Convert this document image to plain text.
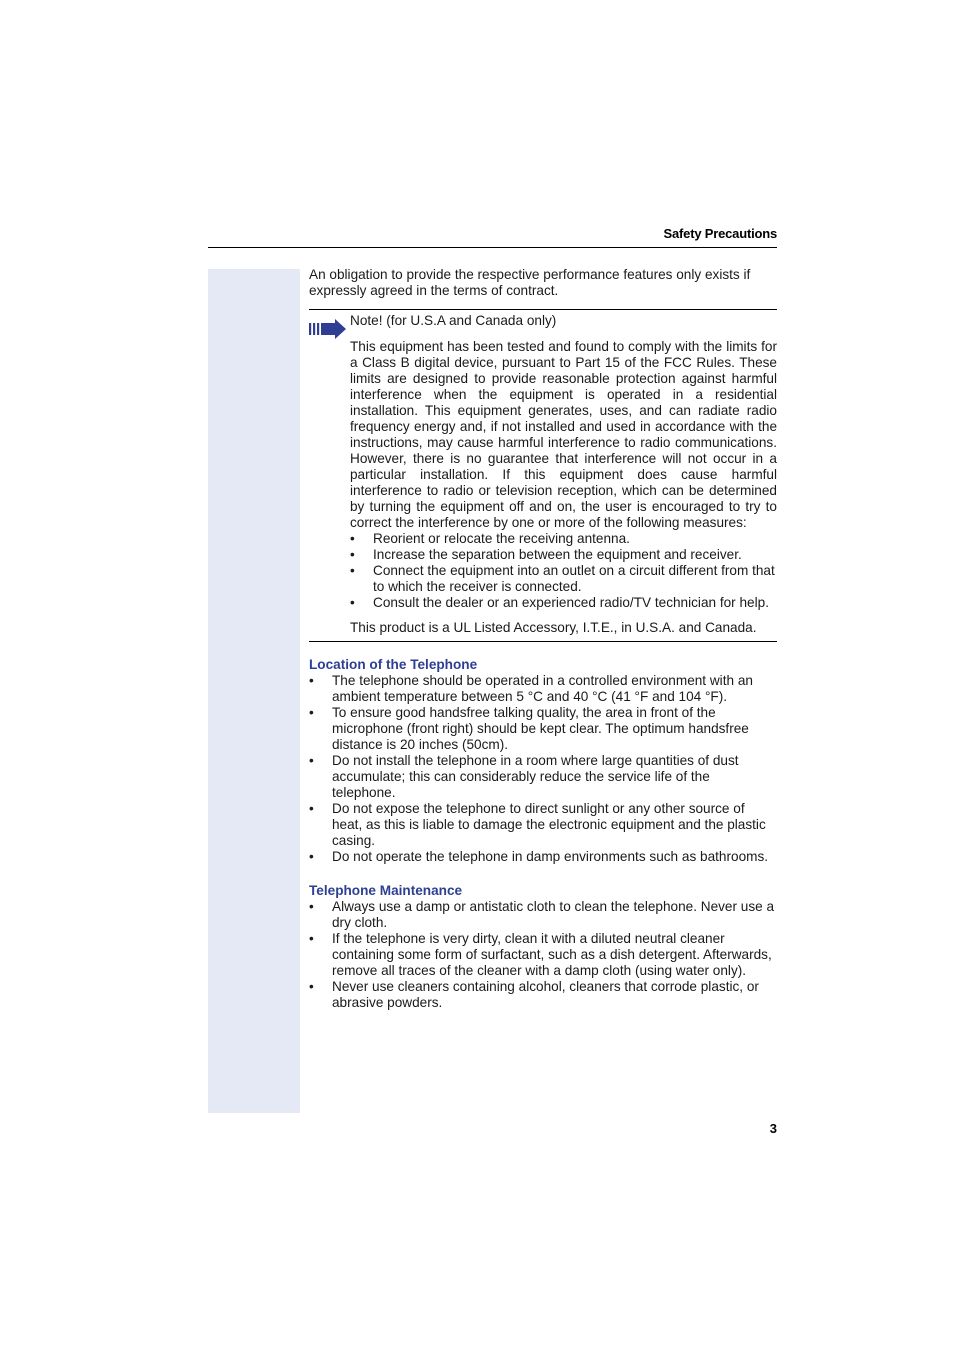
Safety Precautions

An obligation to provide the respective performance features only exists if expressly agreed in the terms of contract.

Note! (for U.S.A and Canada only)

This equipment has been tested and found to comply with the limits for a Class B digital device, pursuant to Part 15 of the FCC Rules. These limits are designed to provide reasonable protection against harmful interference when the equipment is operated in a residential installation. This equipment generates, uses, and can radiate radio frequency energy and, if not installed and used in accordance with the instructions, may cause harmful interference to radio communications. However, there is no guarantee that interference will not occur in a particular installation. If this equipment does cause harmful interference to radio or television reception, which can be determined by turning the equipment off and on, the user is encouraged to try to correct the interference by one or more of the following measures:

• Reorient or relocate the receiving antenna.
• Increase the separation between the equipment and receiver.
• Connect the equipment into an outlet on a circuit different from that to which the receiver is connected.
• Consult the dealer or an experienced radio/TV technician for help.

This product is a UL Listed Accessory, I.T.E., in U.S.A. and Canada.

Location of the Telephone
• The telephone should be operated in a controlled environment with an ambient temperature between 5 °C and 40 °C (41 °F and 104 °F).
• To ensure good handsfree talking quality, the area in front of the microphone (front right) should be kept clear. The optimum handsfree distance is 20 inches (50cm).
• Do not install the telephone in a room where large quantities of dust accumulate; this can considerably reduce the service life of the telephone.
• Do not expose the telephone to direct sunlight or any other source of heat, as this is liable to damage the electronic equipment and the plastic casing.
• Do not operate the telephone in damp environments such as bathrooms.
Telephone Maintenance
• Always use a damp or antistatic cloth to clean the telephone. Never use a dry cloth.
• If the telephone is very dirty, clean it with a diluted neutral cleaner containing some form of surfactant, such as a dish detergent. Afterwards, remove all traces of the cleaner with a damp cloth (using water only).
• Never use cleaners containing alcohol, cleaners that corrode plastic, or abrasive powders.
3
